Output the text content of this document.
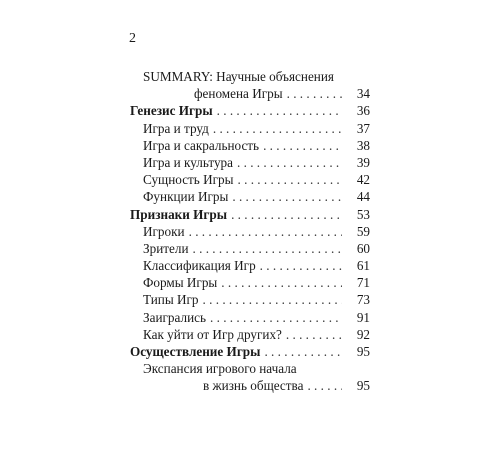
2
SUMMARY: Научные объяснения
феномена Игры . . .	34
Генезис Игры . . .	36
Игра и труд . . .	37
Игра и сакральность . . .	38
Игра и культура . . .	39
Сущность Игры . . .	42
Функции Игры . . .	44
Признаки Игры . . .	53
Игроки . . .	59
Зрители . . .	60
Классификация Игр . . .	61
Формы Игры . . .	71
Типы Игр . . .	73
Заигрались . . .	91
Как уйти от Игр других? . . .	92
Осуществление Игры . . .	95
Экспансия игрового начала
в жизнь общества . . .	95
